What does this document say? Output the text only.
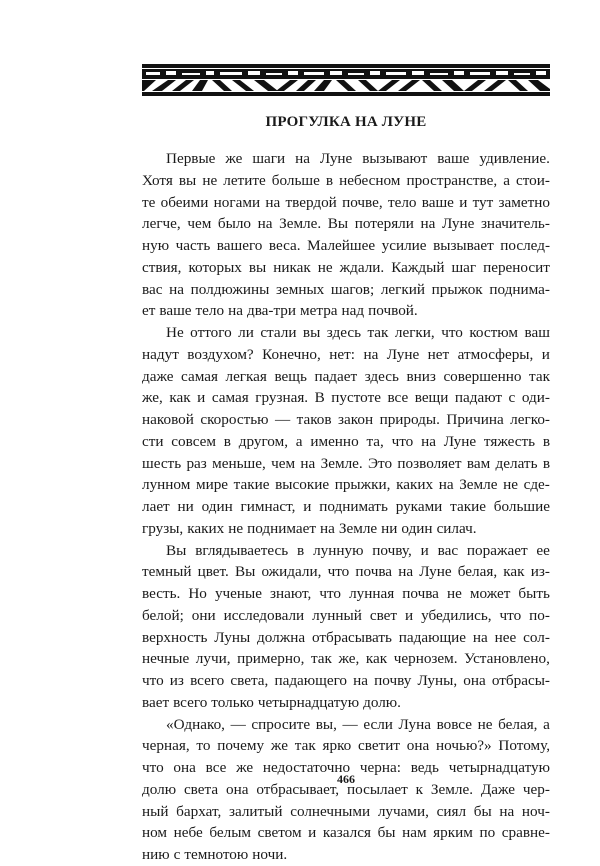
ПРОГУЛКА НА ЛУНЕ
Первые же шаги на Луне вызывают ваше удивление.
Хотя вы не летите больше в небесном пространстве, а стои-
те обеими ногами на твердой почве, тело ваше и тут заметно
легче, чем было на Земле. Вы потеряли на Луне значитель-
ную часть вашего веса. Малейшее усилие вызывает послед-
ствия, которых вы никак не ждали. Каждый шаг переносит
вас на полдюжины земных шагов; легкий прыжок поднима-
ет ваше тело на два-три метра над почвой.
Не оттого ли стали вы здесь так легки, что костюм ваш
надут воздухом? Конечно, нет: на Луне нет атмосферы, и
даже самая легкая вещь падает здесь вниз совершенно так
же, как и самая грузная. В пустоте все вещи падают с оди-
наковой скоростью — таков закон природы. Причина легко-
сти совсем в другом, а именно та, что на Луне тяжесть в
шесть раз меньше, чем на Земле. Это позволяет вам делать в
лунном мире такие высокие прыжки, каких на Земле не сде-
лает ни один гимнаст, и поднимать руками такие большие
грузы, каких не поднимает на Земле ни один силач.
Вы вглядываетесь в лунную почву, и вас поражает ее
темный цвет. Вы ожидали, что почва на Луне белая, как из-
весть. Но ученые знают, что лунная почва не может быть
белой; они исследовали лунный свет и убедились, что по-
верхность Луны должна отбрасывать падающие на нее сол-
нечные лучи, примерно, так же, как чернозем. Установлено,
что из всего света, падающего на почву Луны, она отбрасы-
вает всего только четырнадцатую долю.
«Однако, — спросите вы, — если Луна вовсе не белая, а
черная, то почему же так ярко светит она ночью?» Потому,
что она все же недостаточно черна: ведь четырнадцатую
долю света она отбрасывает, посылает к Земле. Даже чер-
ный бархат, залитый солнечными лучами, сиял бы на ноч-
ном небе белым светом и казался бы нам ярким по сравне-
нию с темнотою ночи.
466
